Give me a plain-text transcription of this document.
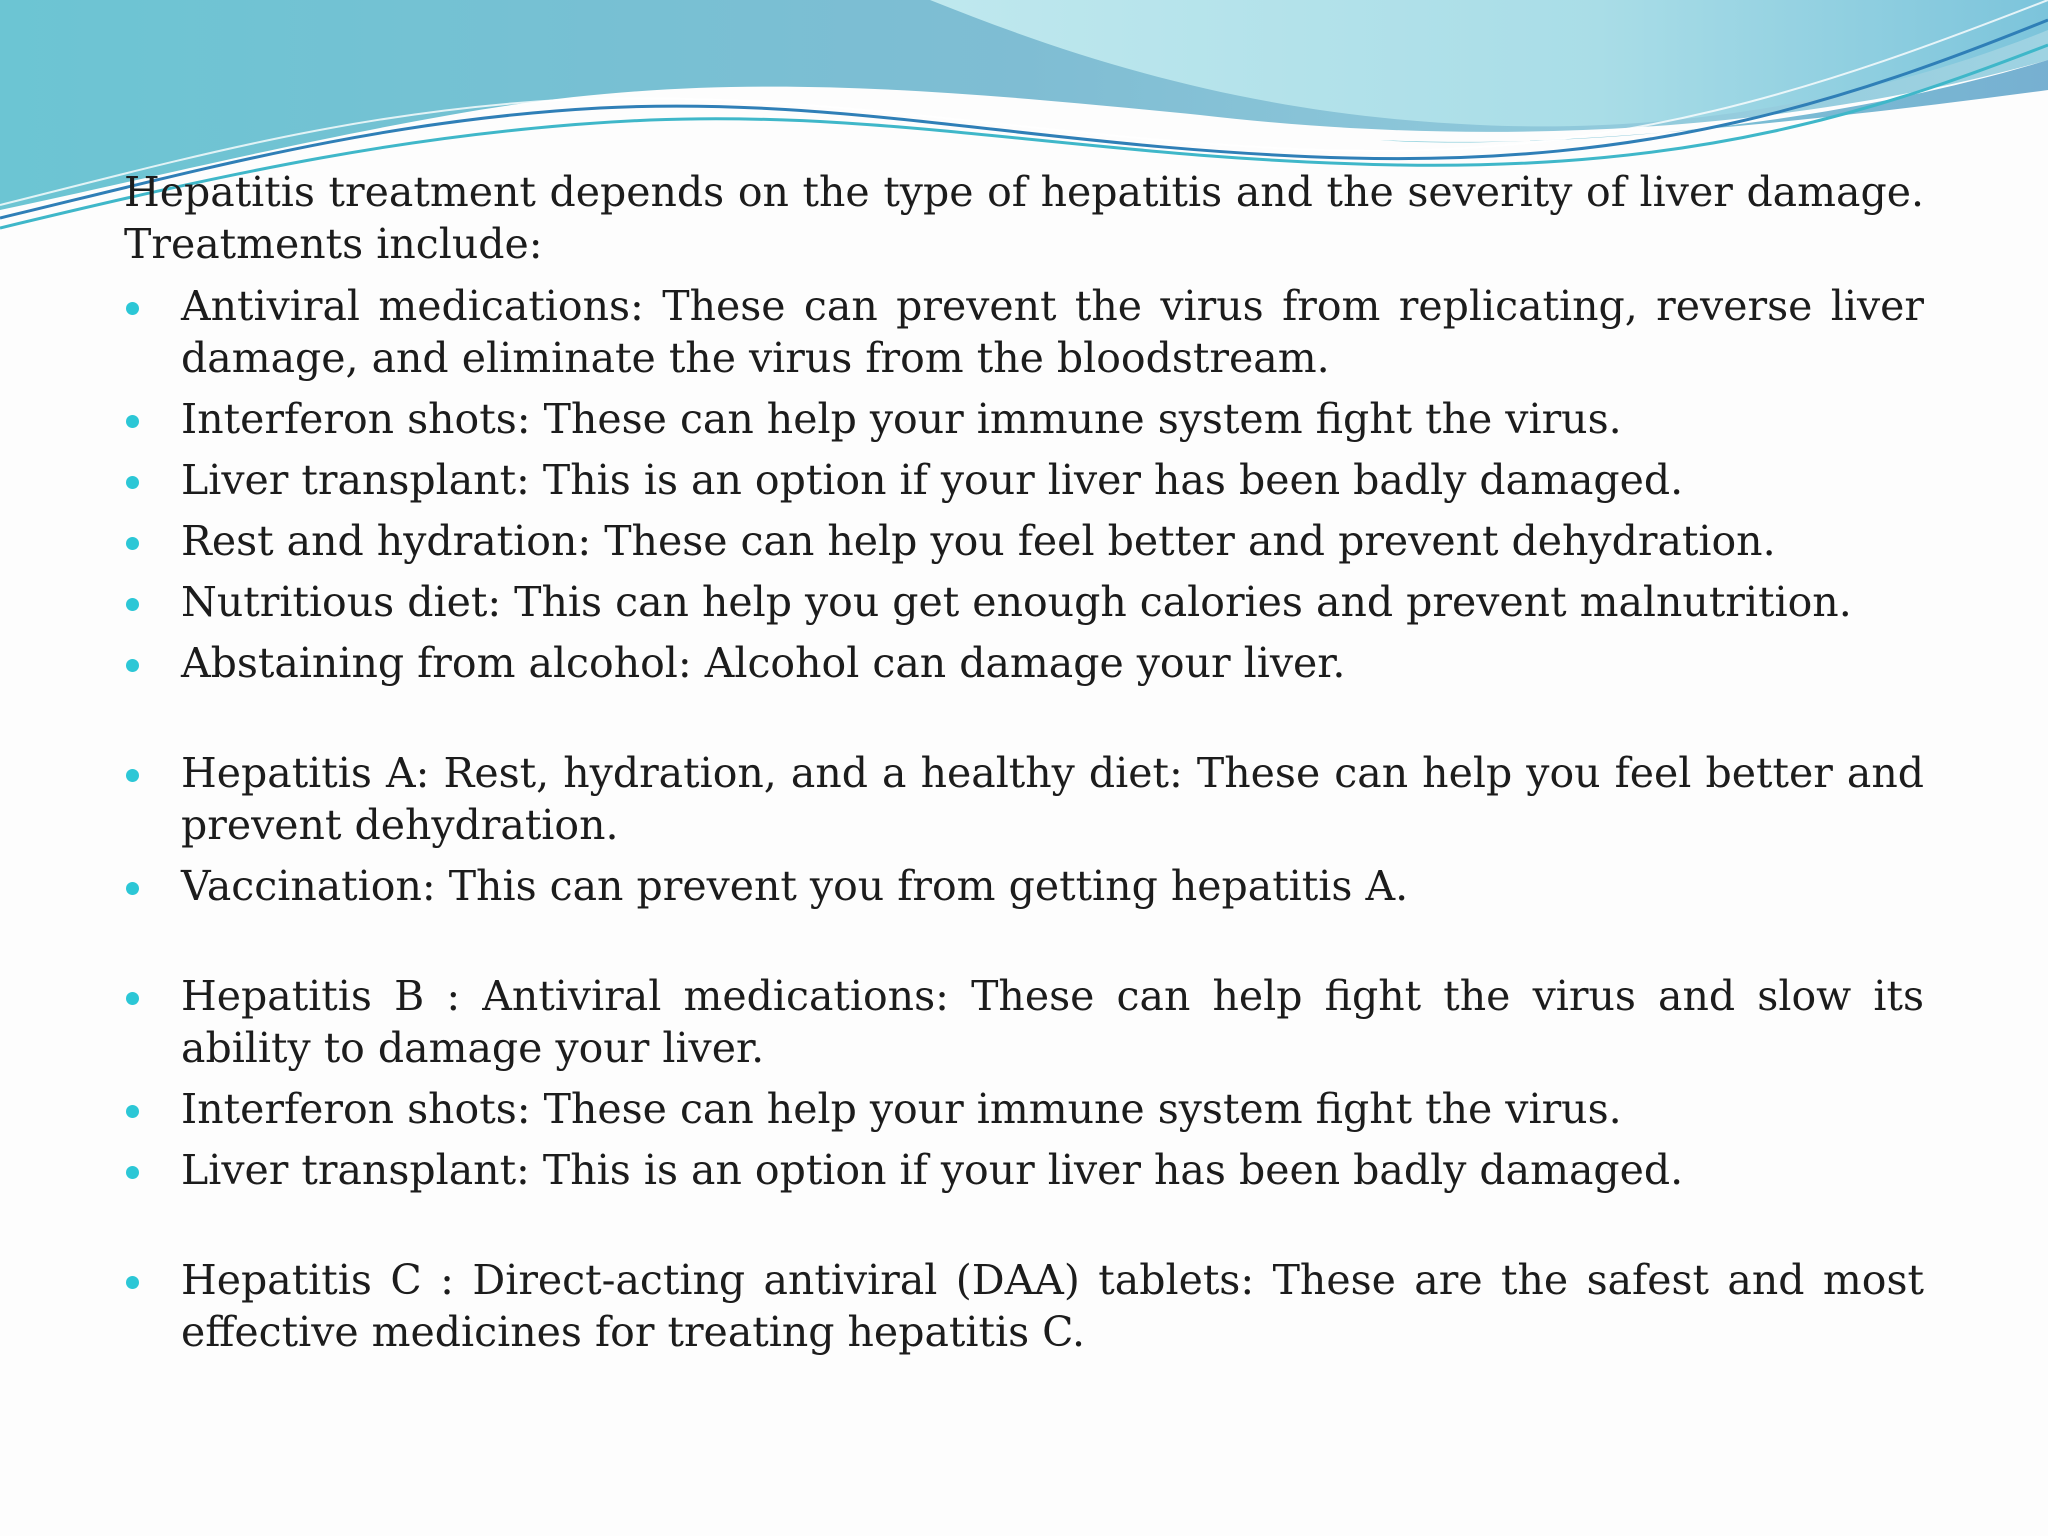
Hepatitis treatment depends on the type of hepatitis and the severity of liver damage. Treatments include:

Antiviral medications: These can prevent the virus from replicating, reverse liver damage, and eliminate the virus from the bloodstream.
Interferon shots: These can help your immune system fight the virus.
Liver transplant: This is an option if your liver has been badly damaged.
Rest and hydration: These can help you feel better and prevent dehydration.
Nutritious diet: This can help you get enough calories and prevent malnutrition.
Abstaining from alcohol: Alcohol can damage your liver.
Hepatitis A: Rest, hydration, and a healthy diet: These can help you feel better and prevent dehydration.
Vaccination: This can prevent you from getting hepatitis A.
Hepatitis B : Antiviral medications: These can help fight the virus and slow its ability to damage your liver.
Interferon shots: These can help your immune system fight the virus.
Liver transplant: This is an option if your liver has been badly damaged.
Hepatitis C : Direct-acting antiviral (DAA) tablets: These are the safest and most effective medicines for treating hepatitis C.
